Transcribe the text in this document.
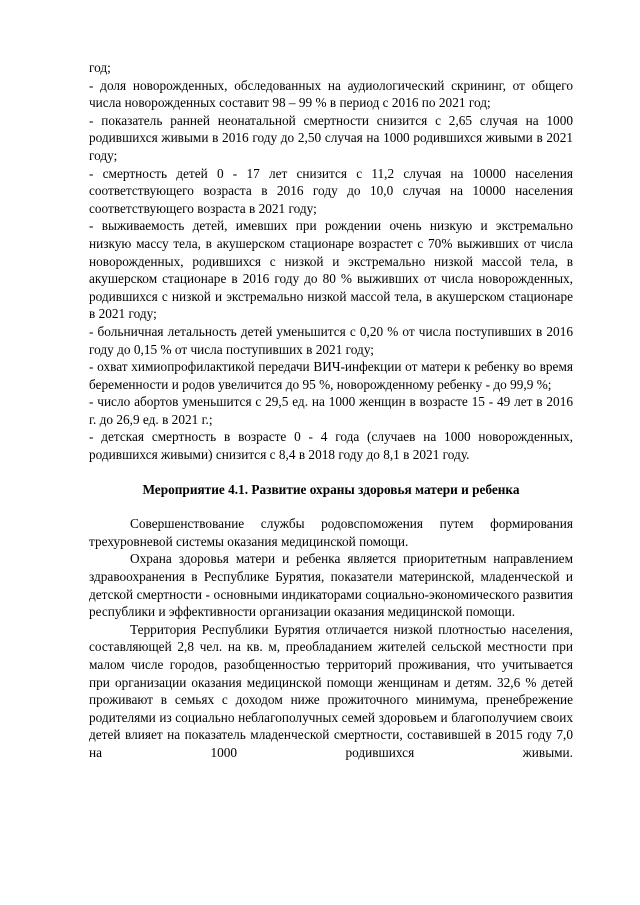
год;

- доля новорожденных, обследованных на аудиологический скрининг, от общего числа новорожденных составит 98 – 99 % в период с 2016 по 2021 год;

- показатель ранней неонатальной смертности снизится с 2,65 случая на 1000 родившихся живыми в 2016 году до 2,50 случая на 1000 родившихся живыми в 2021 году;

- смертность детей 0 - 17 лет снизится с 11,2 случая на 10000 населения соответствующего возраста в 2016 году до 10,0 случая на 10000 населения соответствующего возраста в 2021 году;

- выживаемость детей, имевших при рождении очень низкую и экстремально низкую массу тела, в акушерском стационаре возрастет с 70% выживших от числа новорожденных, родившихся с низкой и экстремально низкой массой тела, в акушерском стационаре в 2016 году до 80 % выживших от числа новорожденных, родившихся с низкой и экстремально низкой массой тела, в акушерском стационаре в 2021 году;

- больничная летальность детей уменьшится с 0,20 % от числа поступивших в 2016 году до 0,15 % от числа поступивших в 2021 году;

- охват химиопрофилактикой передачи ВИЧ-инфекции от матери к ребенку во время беременности и родов увеличится до 95 %, новорожденному ребенку - до 99,9 %;

- число абортов уменьшится с 29,5 ед. на 1000 женщин в возрасте 15 - 49 лет в 2016 г. до 26,9 ед. в 2021 г.;

- детская смертность в возрасте 0 - 4 года (случаев на 1000 новорожденных, родившихся живыми) снизится с 8,4 в 2018 году до 8,1 в 2021 году.

Мероприятие 4.1. Развитие охраны здоровья матери и ребенка

Совершенствование службы родовспоможения путем формирования трехуровневой системы оказания медицинской помощи.

Охрана здоровья матери и ребенка является приоритетным направлением здравоохранения в Республике Бурятия, показатели материнской, младенческой и детской смертности - основными индикаторами социально-экономического развития республики и эффективности организации оказания медицинской помощи.

Территория Республики Бурятия отличается низкой плотностью населения, составляющей 2,8 чел. на кв. м, преобладанием жителей сельской местности при малом числе городов, разобщенностью территорий проживания, что учитывается при организации оказания медицинской помощи женщинам и детям. 32,6 % детей проживают в семьях с доходом ниже прожиточного минимума, пренебрежение родителями из социально неблагополучных семей здоровьем и благополучием своих детей влияет на показатель младенческой смертности, составившей в 2015 году 7,0 на 1000 родившихся живыми.
